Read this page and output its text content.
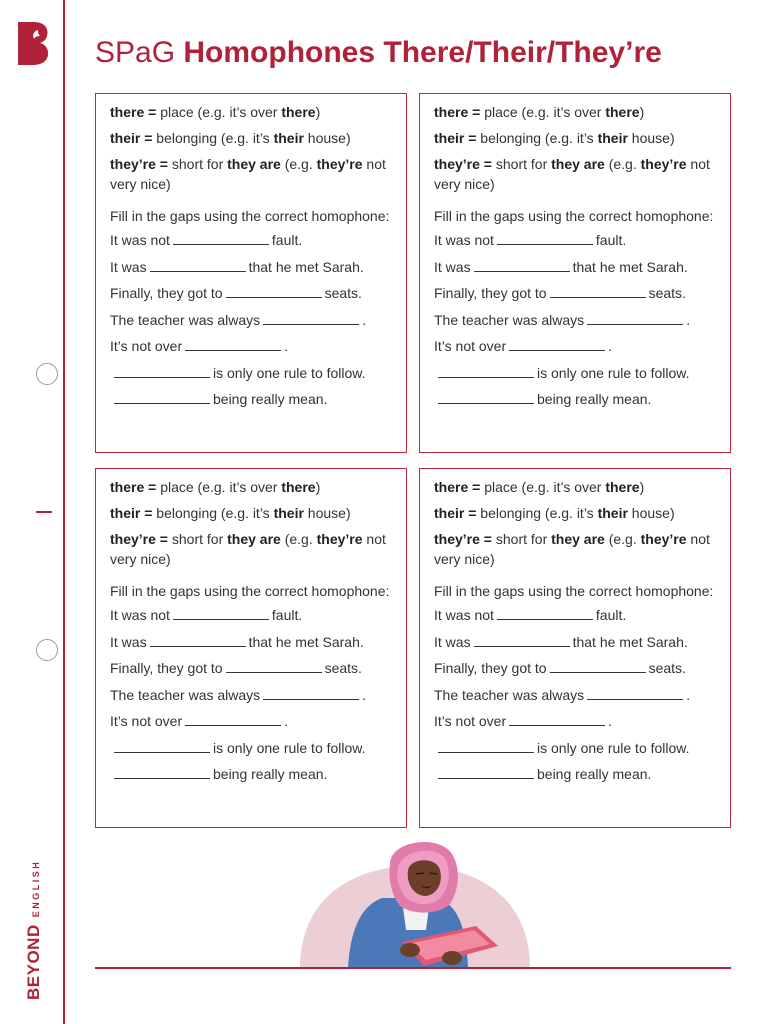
BEYOND
ENGLISH
SPaG Homophones There/Their/They’re
there = place (e.g. it’s over there)
their = belonging (e.g. it’s their house)
they’re = short for they are (e.g. they’re not very nice)
Fill in the gaps using the correct homophone:
It was not	fault.
It was	that he met Sarah.
Finally, they got to	seats.
The teacher was always	.
It’s not over	.
is only one rule to follow.
being really mean.
there = place (e.g. it’s over there)
their = belonging (e.g. it’s their house)
they’re = short for they are (e.g. they’re not very nice)
Fill in the gaps using the correct homophone:
It was not	fault.
It was	that he met Sarah.
Finally, they got to	seats.
The teacher was always	.
It’s not over	.
is only one rule to follow.
being really mean.
there = place (e.g. it’s over there)
their = belonging (e.g. it’s their house)
they’re = short for they are (e.g. they’re not very nice)
Fill in the gaps using the correct homophone:
It was not	fault.
It was	that he met Sarah.
Finally, they got to	seats.
The teacher was always	.
It’s not over	.
is only one rule to follow.
being really mean.
there = place (e.g. it’s over there)
their = belonging (e.g. it’s their house)
they’re = short for they are (e.g. they’re not very nice)
Fill in the gaps using the correct homophone:
It was not	fault.
It was	that he met Sarah.
Finally, they got to	seats.
The teacher was always	.
It’s not over	.
is only one rule to follow.
being really mean.
